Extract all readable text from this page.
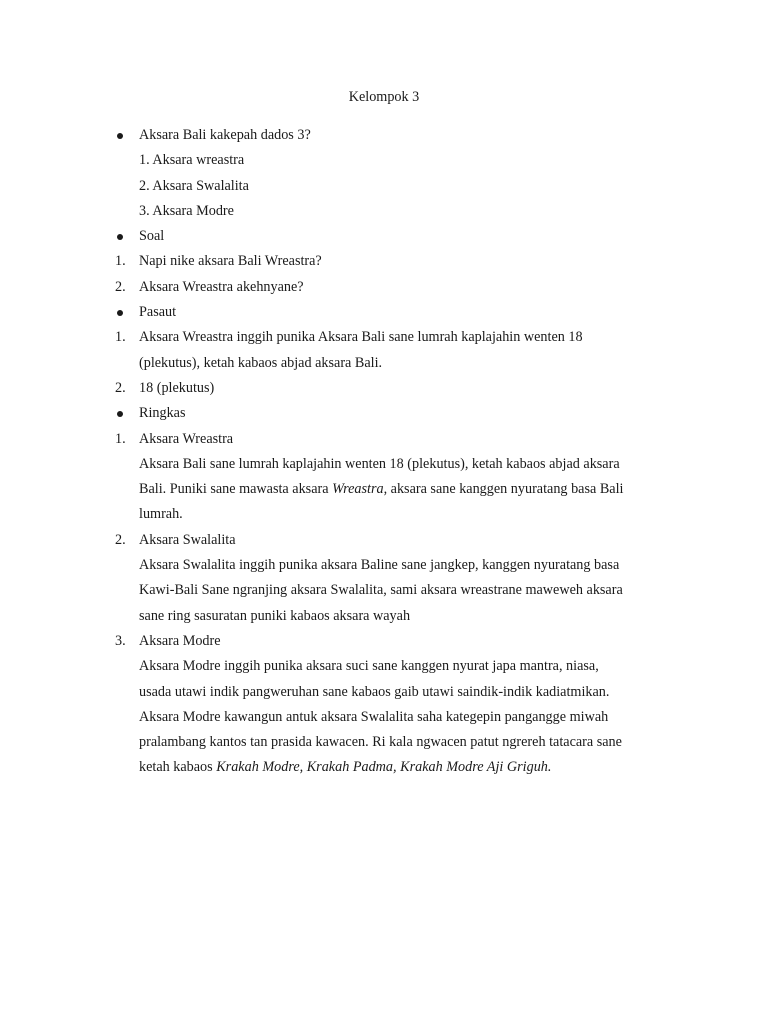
Kelompok 3
Aksara Bali kakepah dados 3?
1. Aksara wreastra
2. Aksara Swalalita
3. Aksara Modre
Soal
1. Napi nike aksara Bali Wreastra?
2. Aksara Wreastra akehnyane?
Pasaut
1. Aksara Wreastra inggih punika Aksara Bali sane lumrah kaplajahin wenten 18
(plekutus), ketah kabaos abjad aksara Bali.
2. 18 (plekutus)
Ringkas
1. Aksara Wreastra
Aksara Bali sane lumrah kaplajahin wenten 18 (plekutus), ketah kabaos abjad aksara
Bali. Puniki sane mawasta aksara Wreastra, aksara sane kanggen nyuratang basa Bali
lumrah.
2. Aksara Swalalita
Aksara Swalalita inggih punika aksara Baline sane jangkep, kanggen nyuratang basa
Kawi-Bali Sane ngranjing aksara Swalalita, sami aksara wreastrane maweweh aksara
sane ring sasuratan puniki kabaos aksara wayah
3. Aksara Modre
Aksara Modre inggih punika aksara suci sane kanggen nyurat japa mantra, niasa,
usada utawi indik pangweruhan sane kabaos gaib utawi saindik-indik kadiatmikan.
Aksara Modre kawangun antuk aksara Swalalita saha kategepin pangangge miwah
pralambang kantos tan prasida kawacen. Ri kala ngwacen patut ngrereh tatacara sane
ketah kabaos Krakah Modre, Krakah Padma, Krakah Modre Aji Griguh.
